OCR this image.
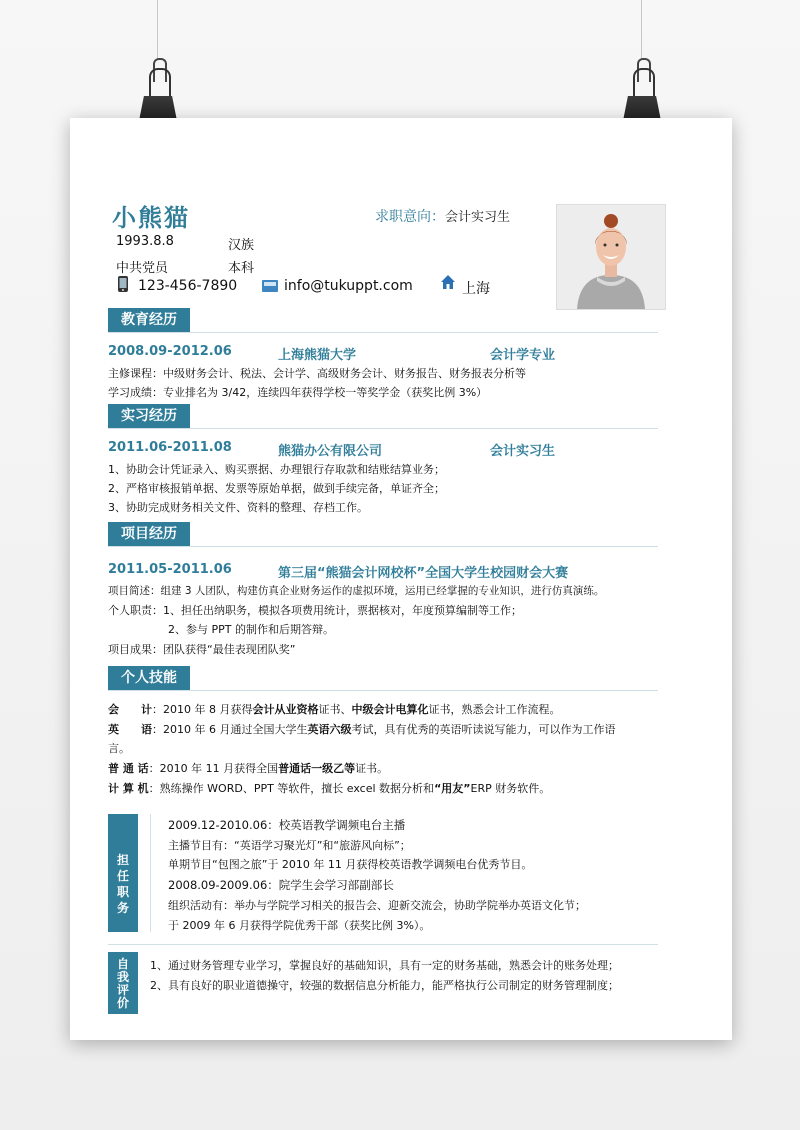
小熊猫	求职意向：会计实习生
1993.8.8	汉族
中共党员	本科
123-456-7890	info@tukuppt.com	上海
教育经历
2008.09-2012.06	上海熊猫大学	会计学专业
主修课程：中级财务会计、税法、会计学、高级财务会计、财务报告、财务报表分析等
学习成绩：专业排名为 3/42，连续四年获得学校一等奖学金（获奖比例 3%）
实习经历
2011.06-2011.08	熊猫办公有限公司	会计实习生
1、协助会计凭证录入、购买票据、办理银行存取款和结账结算业务；
2、严格审核报销单据、发票等原始单据，做到手续完备，单证齐全；
3、协助完成财务相关文件、资料的整理、存档工作。
项目经历
2011.05-2011.06	第三届“熊猫会计网校杯”全国大学生校园财会大赛
项目简述：组建 3 人团队，构建仿真企业财务运作的虚拟环境，运用已经掌握的专业知识，进行仿真演练。
个人职责：1、担任出纳职务，模拟各项费用统计，票据核对，年度预算编制等工作；
2、参与 PPT 的制作和后期答辩。
项目成果：团队获得“最佳表现团队奖”
个人技能
会　　计：2010 年 8 月获得会计从业资格证书、中级会计电算化证书，熟悉会计工作流程。
英　　语：2010 年 6 月通过全国大学生英语六级考试，具有优秀的英语听读说写能力，可以作为工作语
言。
普 通 话：2010 年 11 月获得全国普通话一级乙等证书。
计 算 机：熟练操作 WORD、PPT 等软件，擅长 excel 数据分析和“用友”ERP 财务软件。
担任职务
2009.12-2010.06：校英语教学调频电台主播
主播节目有：“英语学习聚光灯”和“旅游风向标”；
单期节目“包图之旅”于 2010 年 11 月获得校英语教学调频电台优秀节目。
2008.09-2009.06：院学生会学习部副部长
组织活动有：举办与学院学习相关的报告会、迎新交流会，协助学院举办英语文化节；
于 2009 年 6 月获得学院优秀干部（获奖比例 3%）。
自我评价
1、通过财务管理专业学习，掌握良好的基础知识，具有一定的财务基础，熟悉会计的账务处理；
2、具有良好的职业道德操守，较强的数据信息分析能力，能严格执行公司制定的财务管理制度；
